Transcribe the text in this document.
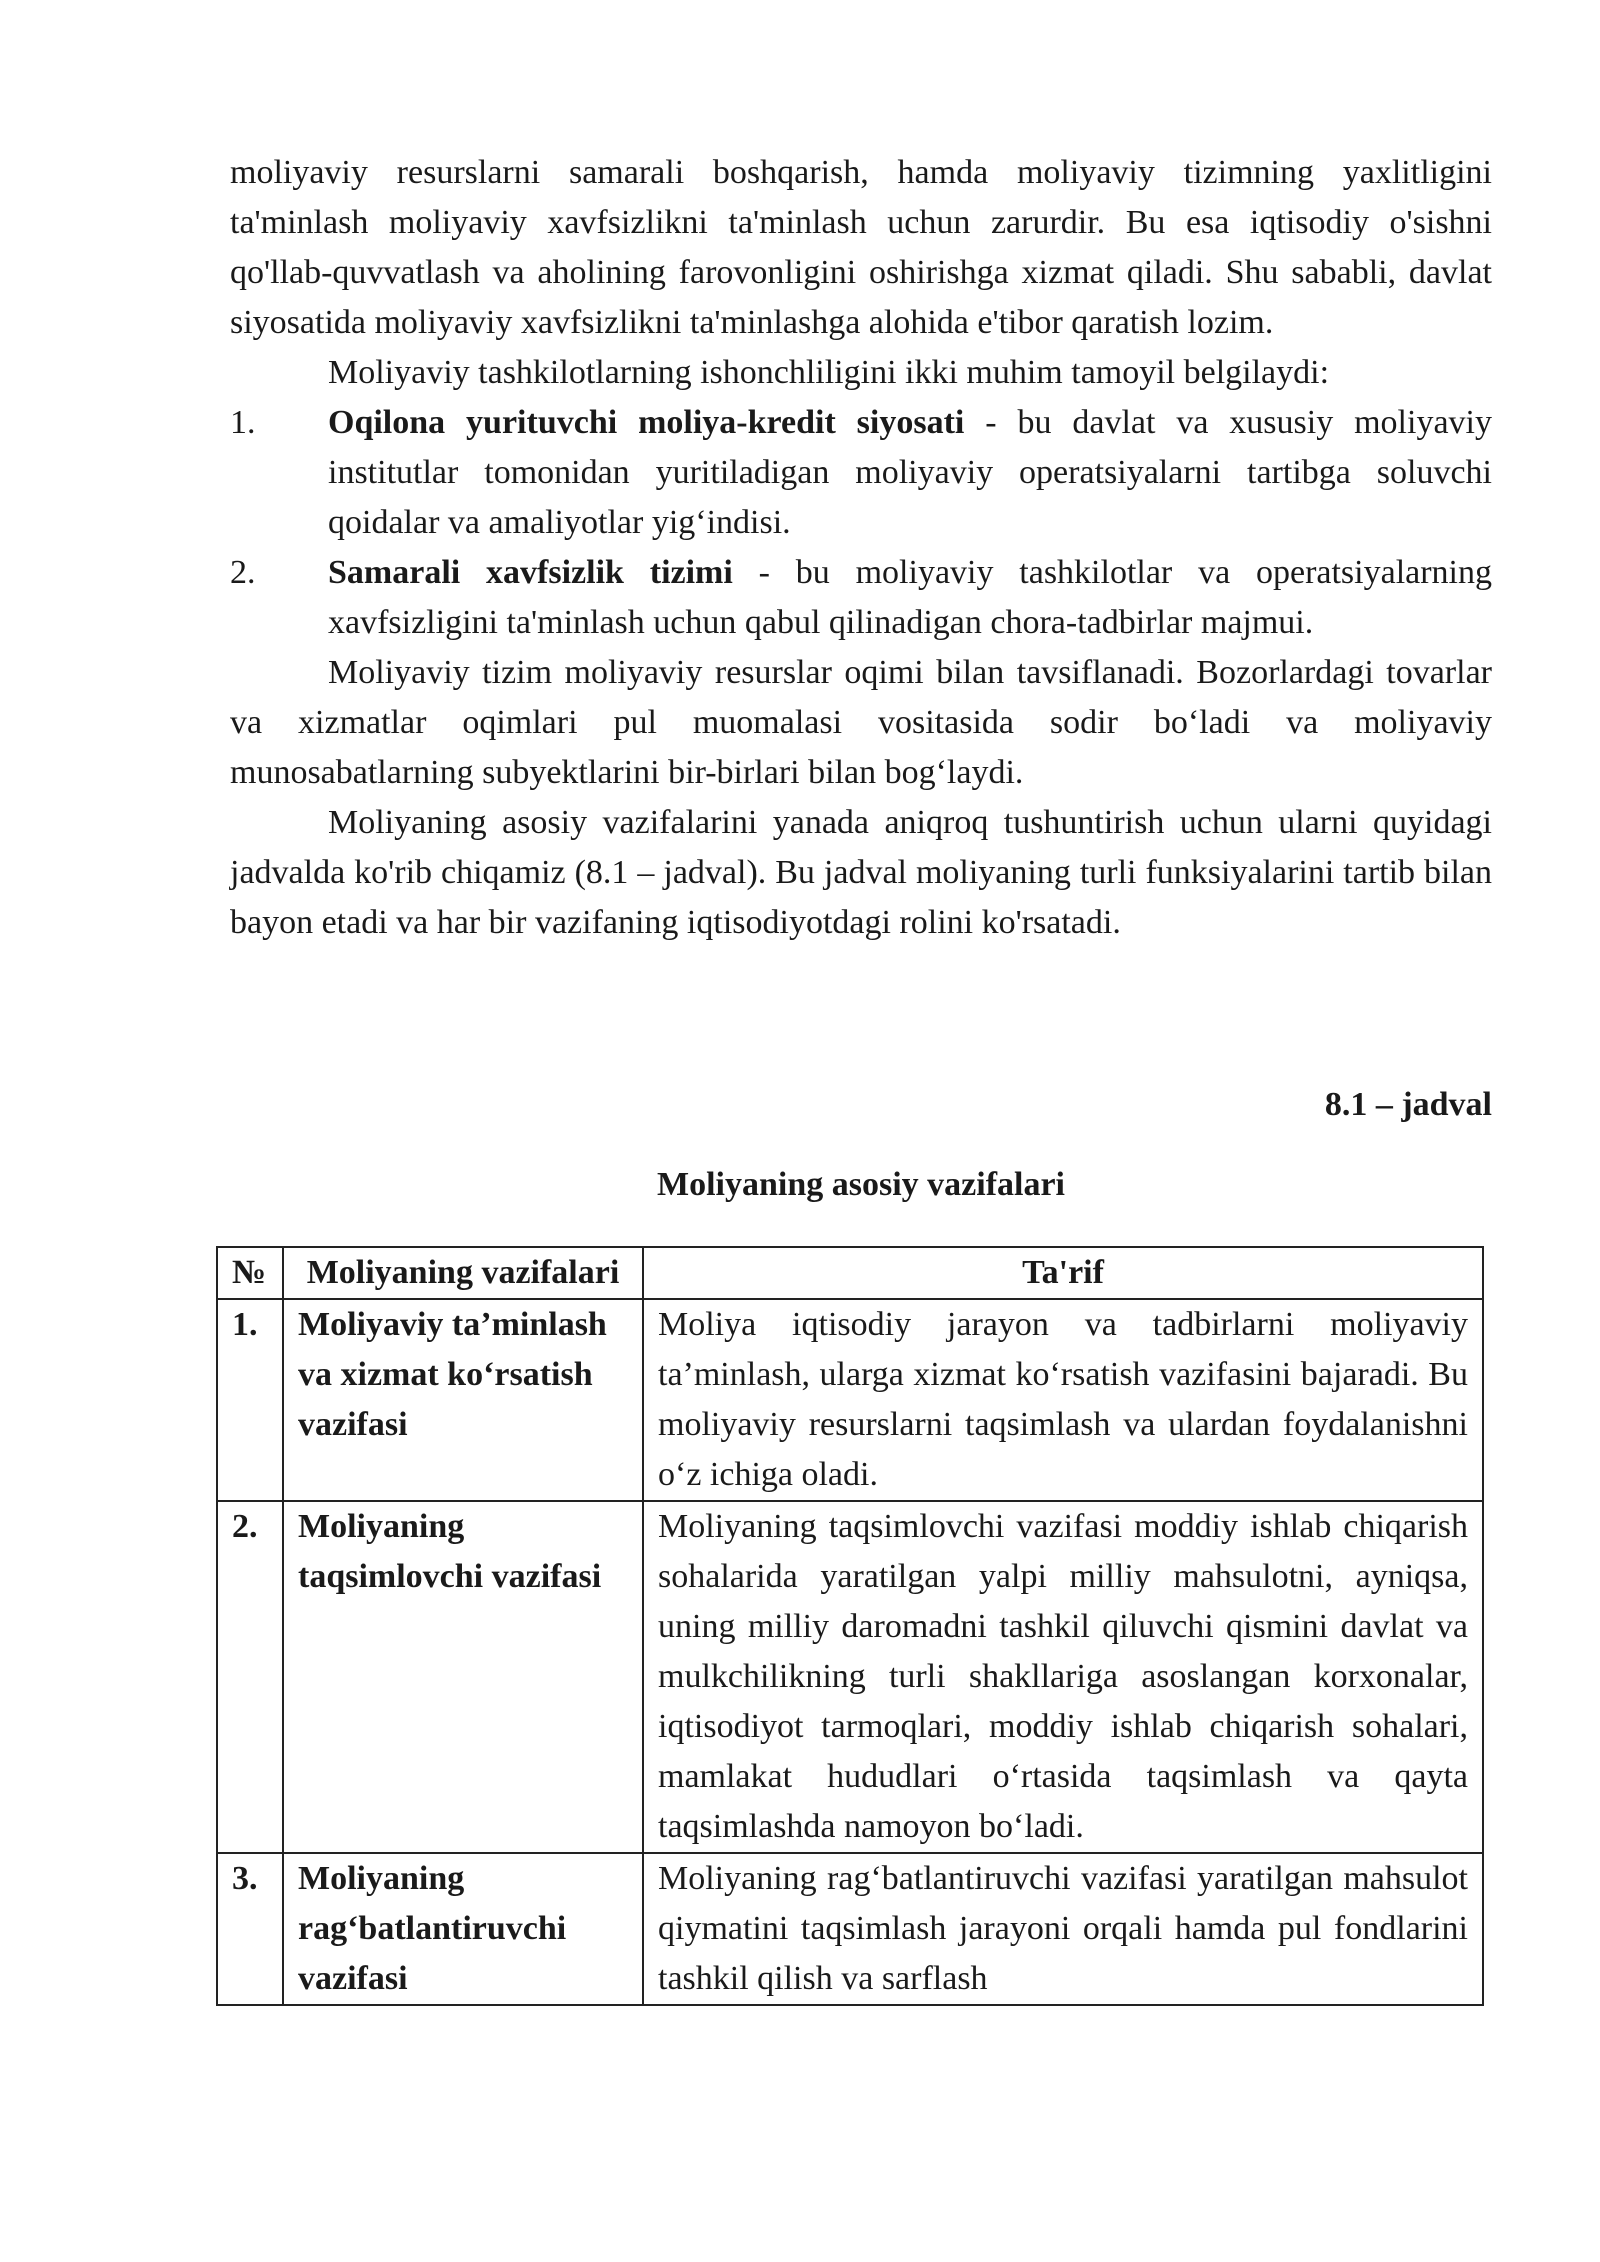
moliyaviy resurslarni samarali boshqarish, hamda moliyaviy tizimning yaxlitligini ta'minlash moliyaviy xavfsizlikni ta'minlash uchun zarurdir. Bu esa iqtisodiy o'sishni qo'llab-quvvatlash va aholining farovonligini oshirishga xizmat qiladi. Shu sababli, davlat siyosatida moliyaviy xavfsizlikni ta'minlashga alohida e'tibor qaratish lozim.

Moliyaviy tashkilotlarning ishonchliligini ikki muhim tamoyil belgilaydi:

1.	Oqilona yurituvchi moliya-kredit siyosati - bu davlat va xususiy moliyaviy institutlar tomonidan yuritiladigan moliyaviy operatsiyalarni tartibga soluvchi qoidalar va amaliyotlar yig‘indisi.
2.	Samarali xavfsizlik tizimi - bu moliyaviy tashkilotlar va operatsiyalarning xavfsizligini ta'minlash uchun qabul qilinadigan chora-tadbirlar majmui.

Moliyaviy tizim moliyaviy resurslar oqimi bilan tavsiflanadi. Bozorlardagi tovarlar va xizmatlar oqimlari pul muomalasi vositasida sodir bo‘ladi va moliyaviy munosabatlarning subyektlarini bir-birlari bilan bog‘laydi.

Moliyaning asosiy vazifalarini yanada aniqroq tushuntirish uchun ularni quyidagi jadvalda ko'rib chiqamiz (8.1 – jadval). Bu jadval moliyaning turli funksiyalarini tartib bilan bayon etadi va har bir vazifaning iqtisodiyotdagi rolini ko'rsatadi.

8.1 – jadval
Moliyaning asosiy vazifalari
№	Moliyaning vazifalari	Ta'rif
1.	Moliyaviy ta’minlash va xizmat ko‘rsatish vazifasi	Moliya iqtisodiy jarayon va tadbirlarni moliyaviy ta’minlash, ularga xizmat ko‘rsatish vazifasini bajaradi. Bu moliyaviy resurslarni taqsimlash va ulardan foydalanishni o‘z ichiga oladi.
2.	Moliyaning taqsimlovchi vazifasi	Moliyaning taqsimlovchi vazifasi moddiy ishlab chiqarish sohalarida yaratilgan yalpi milliy mahsulotni, ayniqsa, uning milliy daromadni tashkil qiluvchi qismini davlat va mulkchilikning turli shakllariga asoslangan korxonalar, iqtisodiyot tarmoqlari, moddiy ishlab chiqarish sohalari, mamlakat hududlari o‘rtasida taqsimlash va qayta taqsimlashda namoyon bo‘ladi.
3.	Moliyaning rag‘batlantiruvchi vazifasi	Moliyaning rag‘batlantiruvchi vazifasi yaratilgan mahsulot qiymatini taqsimlash jarayoni orqali hamda pul fondlarini tashkil qilish va sarflash
